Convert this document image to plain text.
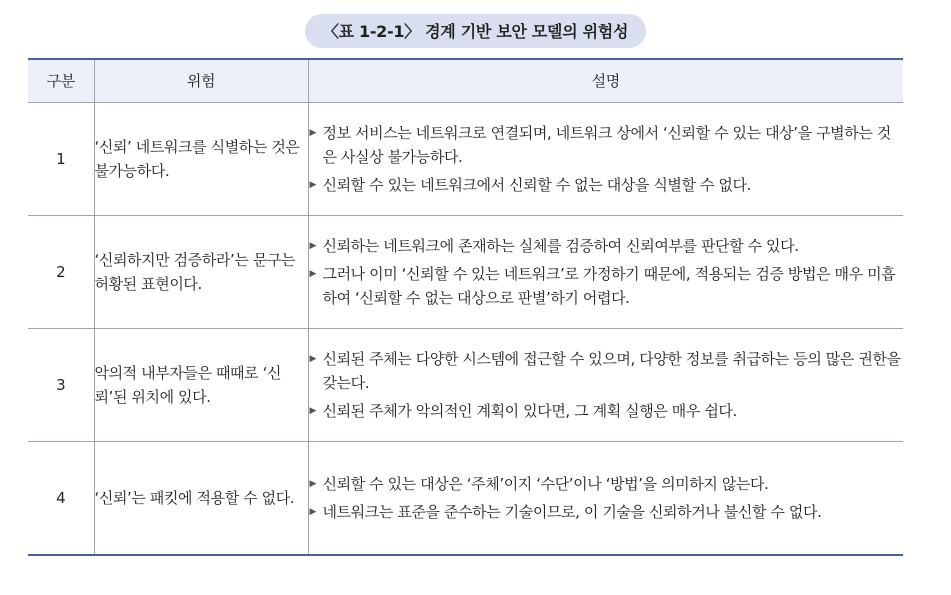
〈표 1-2-1〉 경계 기반 보안 모델의 위험성
구분	위험	설명
1	‘신뢰’ 네트워크를 식별하는 것은 불가능하다.	▶ 정보 서비스는 네트워크로 연결되며, 네트워크 상에서 ‘신뢰할 수 있는 대상’을 구별하는 것은 사실상 불가능하다.
▶ 신뢰할 수 있는 네트워크에서 신뢰할 수 없는 대상을 식별할 수 없다.

2	‘신뢰하지만 검증하라’는 문구는 허황된 표현이다.	▶ 신뢰하는 네트워크에 존재하는 실체를 검증하여 신뢰여부를 판단할 수 있다.
▶ 그러나 이미 ‘신뢰할 수 있는 네트워크’로 가정하기 때문에, 적용되는 검증 방법은 매우 미흡하여 ‘신뢰할 수 없는 대상으로 판별’하기 어렵다.

3	악의적 내부자들은 때때로 ‘신뢰’된 위치에 있다.	▶ 신뢰된 주체는 다양한 시스템에 접근할 수 있으며, 다양한 정보를 취급하는 등의 많은 권한을 갖는다.
▶ 신뢰된 주체가 악의적인 계획이 있다면, 그 계획 실행은 매우 쉽다.

4	‘신뢰’는 패킷에 적용할 수 없다.	▶ 신뢰할 수 있는 대상은 ‘주체’이지 ‘수단’이나 ‘방법’을 의미하지 않는다.
▶ 네트워크는 표준을 준수하는 기술이므로, 이 기술을 신뢰하거나 불신할 수 없다.
